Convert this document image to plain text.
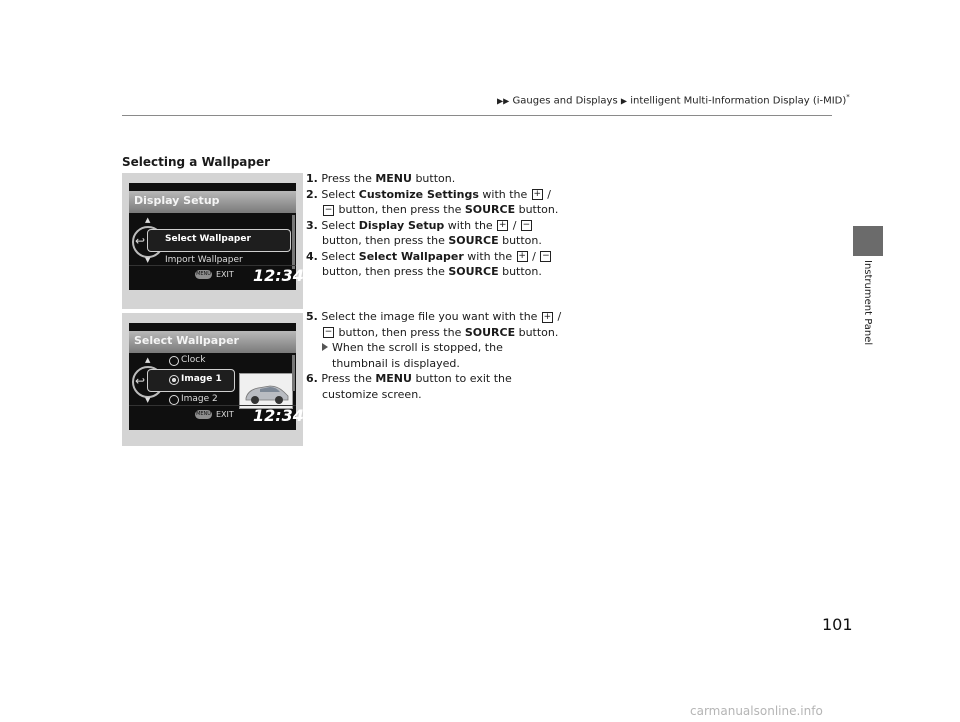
▶▶ Gauges and Displays ▶ intelligent Multi-Information Display (i-MID)*
Instrument Panel
Selecting a Wallpaper
Display Setup
↩
▲
▼
Select Wallpaper
Import Wallpaper
MENU EXIT 12:34
Select Wallpaper
↩
▲
▼
Clock
Image 1
Image 2
MENU EXIT 12:34

1. Press the MENU button.

2. Select Customize Settings with the + /

− button, then press the SOURCE button.

3. Select Display Setup with the + / −

button, then press the SOURCE button.

4. Select Select Wallpaper with the + / −

button, then press the SOURCE button.

5. Select the image file you want with the + /

− button, then press the SOURCE button.

When the scroll is stopped, the

thumbnail is displayed.

6. Press the MENU button to exit the

customize screen.

101
carmanualsonline.info
